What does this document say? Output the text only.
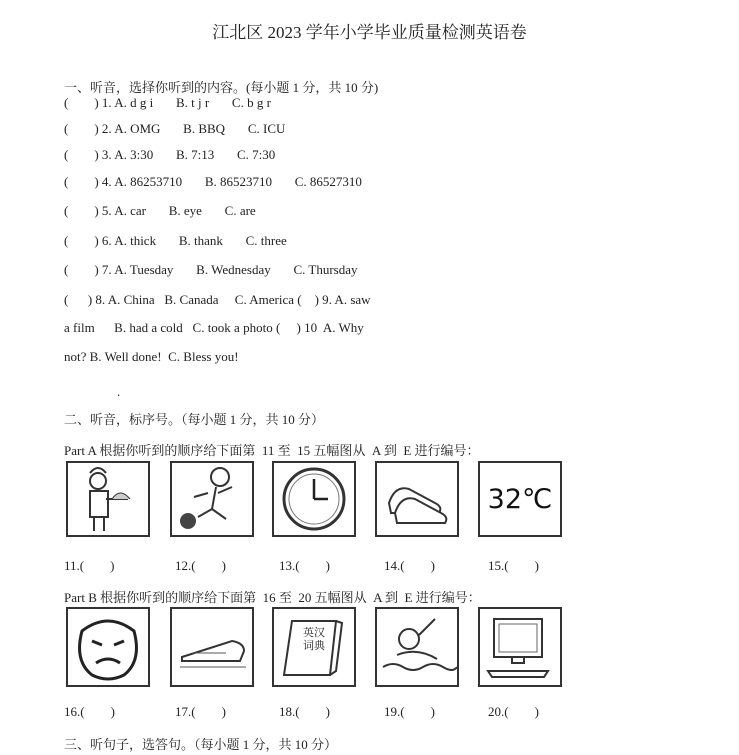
江北区 2023 学年小学毕业质量检测英语卷
一、听音，选择你听到的内容。(每小题 1 分，共 10 分)
(        ) 1. A. d g i       B. t j r       C. b g r
(        ) 2. A. OMG       B. BBQ       C. ICU
(        ) 3. A. 3:30       B. 7:13       C. 7:30
(        ) 4. A. 86253710       B. 86523710       C. 86527310
(        ) 5. A. car       B. eye       C. are
(        ) 6. A. thick       B. thank       C. three
(        ) 7. A. Tuesday       B. Wednesday       C. Thursday
(      ) 8. A. China   B. Canada     C. America (    ) 9. A. saw
a film      B. had a cold   C. took a photo (     ) 10  A. Why
not? B. Well done!  C. Bless you!
.
二、听音，标序号。（每小题 1 分，共 10 分）
Part A 根据你听到的顺序给下面第  11 至  15 五幅图从  A 到  E 进行编号：
32℃
11.(        )	12.(        )	13.(        )	14.(        )	15.(        )
Part B 根据你听到的顺序给下面第  16 至  20 五幅图从  A 到  E 进行编号：
英汉词典
16.(        )	17.(        )	18.(        )	19.(        )	20.(        )
三、听句子，选答句。（每小题 1 分，共 10 分）
